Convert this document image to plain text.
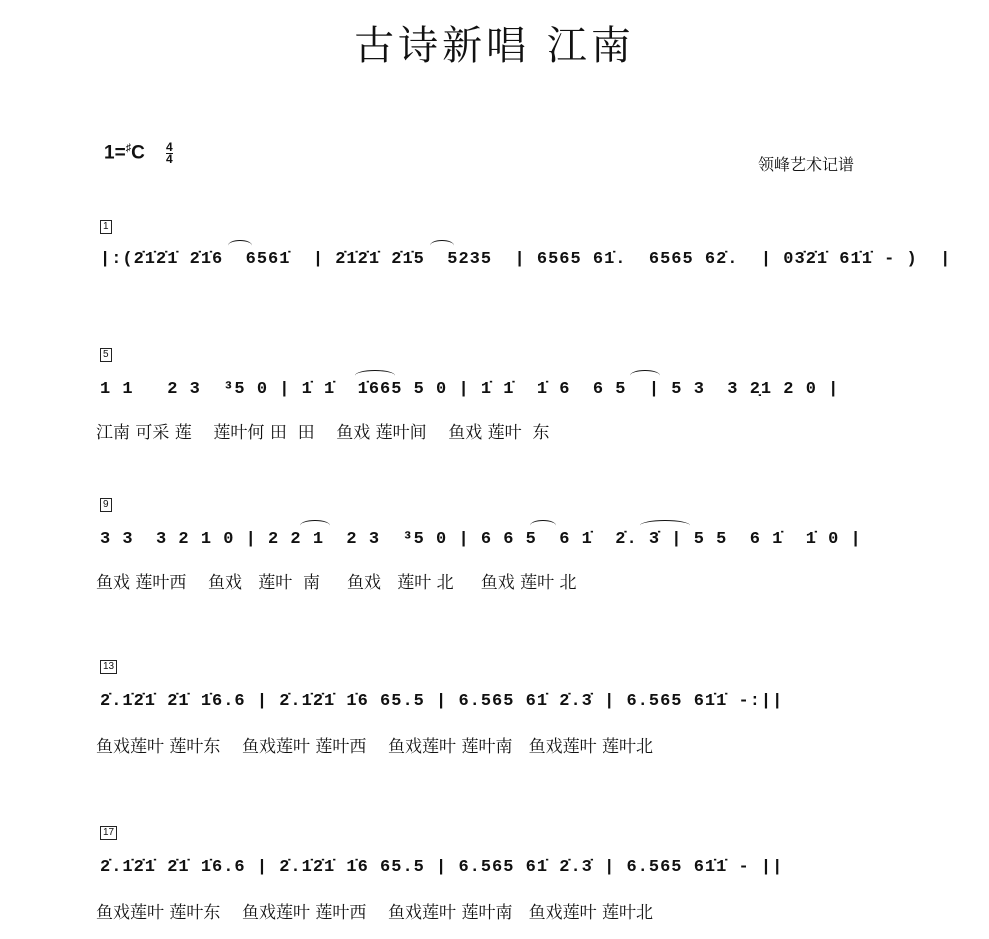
古诗新唱 江南
1=♯C 4
4	领峰艺术记谱
1
|:(2̇1̇2̇1̇ 2̇1̇6  6561̇  | 2̇1̇2̇1̇ 2̇1̇5  5235  | 6565 61̇.  6565 62̇.  | 03̇2̇1̇ 61̇1̇ - )  |
5
1 1   2 3  ³5 0 | 1̇ 1̇  1̇665 5 0 | 1̇ 1̇  1̇ 6  6 5  | 5 3  3 2̣1 2 0 |
江南 可采 莲    莲叶何 田  田    鱼戏 莲叶间    鱼戏 莲叶  东
9
3 3  3 2 1 0 | 2 2 1  2 3  ³5 0 | 6 6 5  6 1̇  2̇. 3̇ | 5 5  6 1̇  1̇ 0 |
鱼戏 莲叶西    鱼戏   莲叶  南     鱼戏   莲叶 北     鱼戏 莲叶 北
13
2̇.1̇2̇1̇ 2̇1̇ 1̇6.6 | 2̇.1̇2̇1̇ 1̇6 65.5 | 6.565 61̇ 2̇.3̇ | 6.565 61̇1̇ -:||
鱼戏莲叶 莲叶东    鱼戏莲叶 莲叶西    鱼戏莲叶 莲叶南   鱼戏莲叶 莲叶北
17
2̇.1̇2̇1̇ 2̇1̇ 1̇6.6 | 2̇.1̇2̇1̇ 1̇6 65.5 | 6.565 61̇ 2̇.3̇ | 6.565 61̇1̇ - ||
鱼戏莲叶 莲叶东    鱼戏莲叶 莲叶西    鱼戏莲叶 莲叶南   鱼戏莲叶 莲叶北
